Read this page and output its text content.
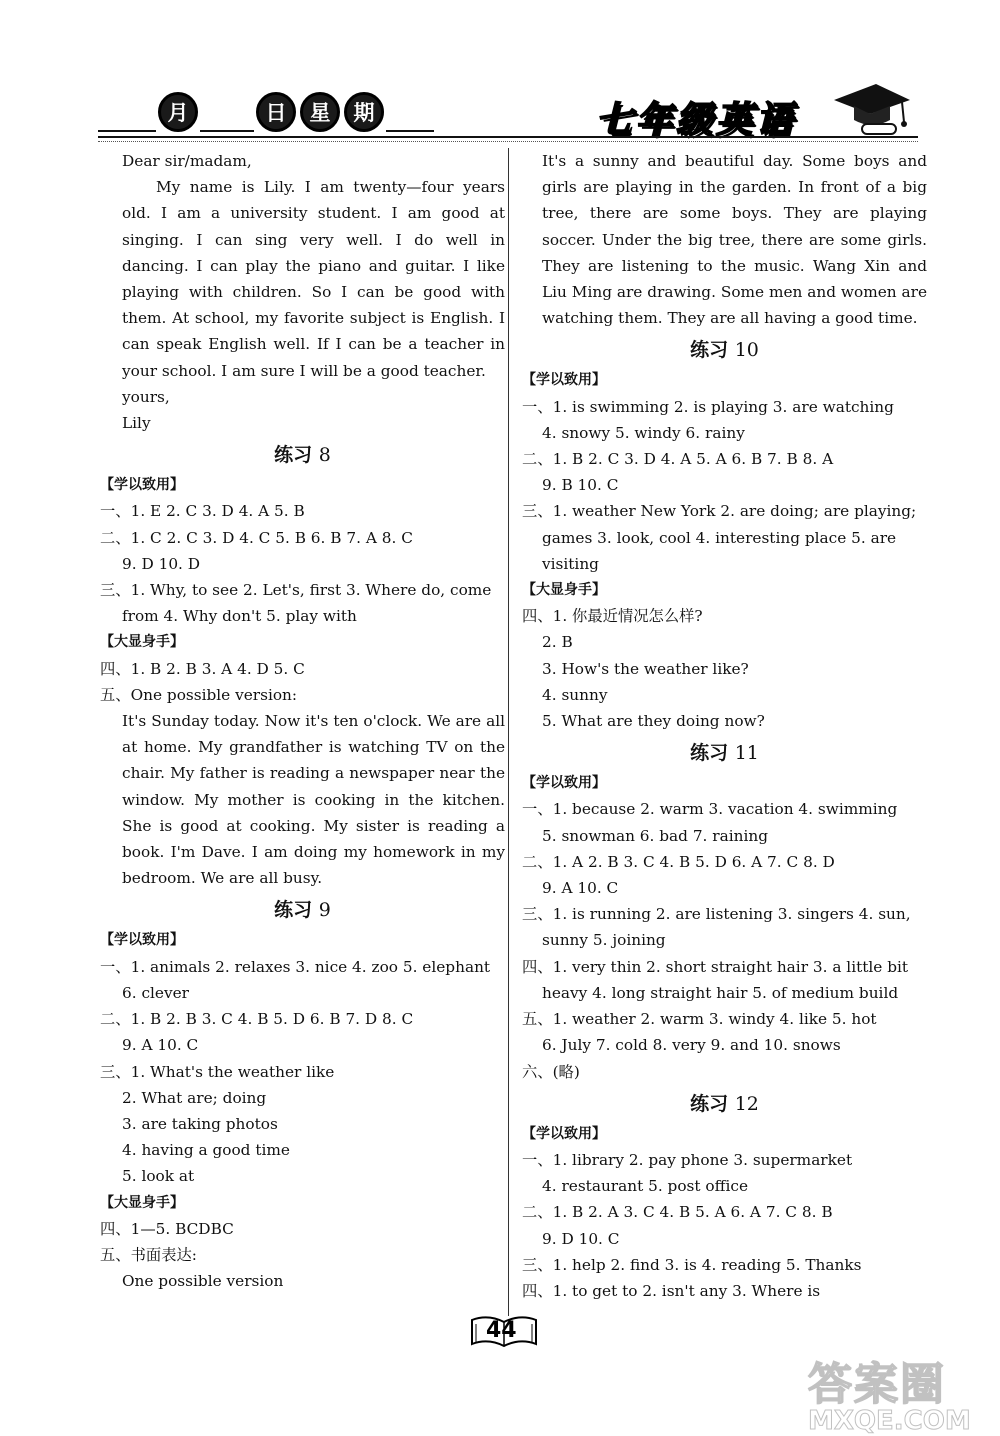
月	日	星	期	七年级英语

Dear sir/madam,

My name is Lily. I am twenty—four years old. I am a university student. I am good at singing. I can sing very well. I do well in dancing. I can play the piano and guitar. I like playing with children. So I can be good with them. At school, my favorite subject is English. I can speak English well. If I can be a teacher in your school. I am sure I will be a good teacher.

yours,

Lily

练习 8

【学以致用】

一、1. E 2. C 3. D 4. A 5. B

二、1. C 2. C 3. D 4. C 5. B 6. B 7. A 8. C

9. D 10. D

三、1. Why, to see 2. Let's, first 3. Where do, come

from 4. Why don't 5. play with

【大显身手】

四、1. B 2. B 3. A 4. D 5. C

五、One possible version:

It's Sunday today. Now it's ten o'clock. We are all at home. My grandfather is watching TV on the chair. My father is reading a newspaper near the window. My mother is cooking in the kitchen. She is good at cooking. My sister is reading a book. I'm Dave. I am doing my homework in my bedroom. We are all busy.

练习 9

【学以致用】

一、1. animals 2. relaxes 3. nice 4. zoo 5. elephant

6. clever

二、1. B 2. B 3. C 4. B 5. D 6. B 7. D 8. C

9. A 10. C

三、1. What's the weather like

2. What are; doing

3. are taking photos

4. having a good time

5. look at

【大显身手】

四、1—5. BCDBC

五、书面表达:

One possible version

It's a sunny and beautiful day. Some boys and girls are playing in the garden. In front of a big tree, there are some boys. They are playing soccer. Under the big tree, there are some girls. They are listening to the music. Wang Xin and Liu Ming are drawing. Some men and women are watching them. They are all having a good time.

练习 10

【学以致用】

一、1. is swimming 2. is playing 3. are watching

4. snowy 5. windy 6. rainy

二、1. B 2. C 3. D 4. A 5. A 6. B 7. B 8. A

9. B 10. C

三、1. weather New York 2. are doing; are playing;

games 3. look, cool 4. interesting place 5. are

visiting

【大显身手】

四、1. 你最近情况怎么样?

2. B

3. How's the weather like?

4. sunny

5. What are they doing now?

练习 11

【学以致用】

一、1. because 2. warm 3. vacation 4. swimming

5. snowman 6. bad 7. raining

二、1. A 2. B 3. C 4. B 5. D 6. A 7. C 8. D

9. A 10. C

三、1. is running 2. are listening 3. singers 4. sun,

sunny 5. joining

四、1. very thin 2. short straight hair 3. a little bit

heavy 4. long straight hair 5. of medium build

五、1. weather 2. warm 3. windy 4. like 5. hot

6. July 7. cold 8. very 9. and 10. snows

六、(略)

练习 12

【学以致用】

一、1. library 2. pay phone 3. supermarket

4. restaurant 5. post office

二、1. B 2. A 3. C 4. B 5. A 6. A 7. C 8. B

9. D 10. C

三、1. help 2. find 3. is 4. reading 5. Thanks

四、1. to get to 2. isn't any 3. Where is

44
答案圈
MXQE.COM
